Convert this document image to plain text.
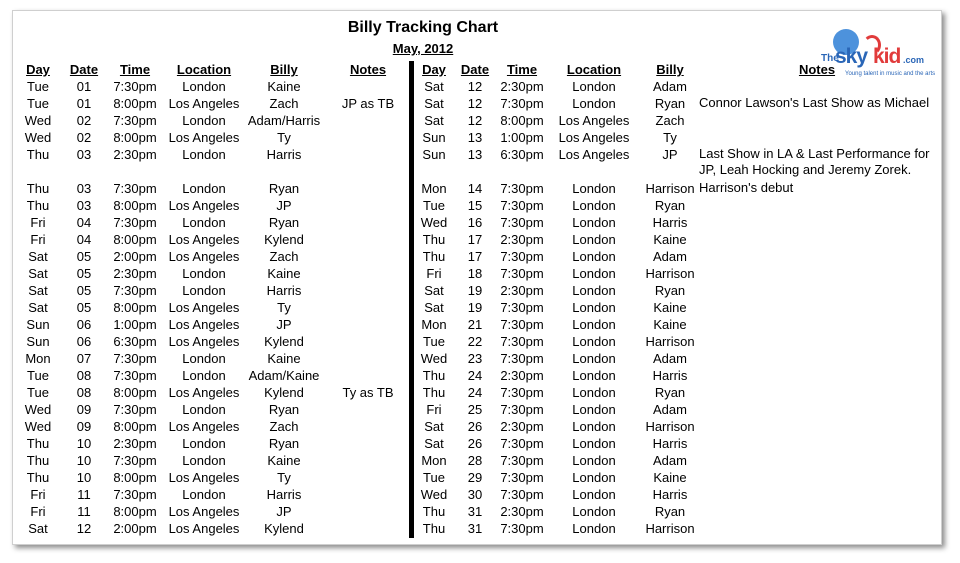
Billy Tracking Chart
May, 2012
The
sky kid .com
Young talent in music and the arts
Day	Date	Time	Location	Billy	Notes
Tue	01	7:30pm	London	Kaine	
Tue	01	8:00pm	Los Angeles	Zach	JP as TB
Wed	02	7:30pm	London	Adam/Harris	
Wed	02	8:00pm	Los Angeles	Ty	
Thu	03	2:30pm	London	Harris	
Thu	03	7:30pm	London	Ryan	
Thu	03	8:00pm	Los Angeles	JP	
Fri	04	7:30pm	London	Ryan	
Fri	04	8:00pm	Los Angeles	Kylend	
Sat	05	2:00pm	Los Angeles	Zach	
Sat	05	2:30pm	London	Kaine	
Sat	05	7:30pm	London	Harris	
Sat	05	8:00pm	Los Angeles	Ty	
Sun	06	1:00pm	Los Angeles	JP	
Sun	06	6:30pm	Los Angeles	Kylend	
Mon	07	7:30pm	London	Kaine	
Tue	08	7:30pm	London	Adam/Kaine	
Tue	08	8:00pm	Los Angeles	Kylend	Ty as TB
Wed	09	7:30pm	London	Ryan	
Wed	09	8:00pm	Los Angeles	Zach	
Thu	10	2:30pm	London	Ryan	
Thu	10	7:30pm	London	Kaine	
Thu	10	8:00pm	Los Angeles	Ty	
Fri	11	7:30pm	London	Harris	
Fri	11	8:00pm	Los Angeles	JP	
Sat	12	2:00pm	Los Angeles	Kylend	
Day	Date	Time	Location	Billy	Notes
Sat	12	2:30pm	London	Adam	
Sat	12	7:30pm	London	Ryan	Connor Lawson's Last Show as Michael
Sat	12	8:00pm	Los Angeles	Zach	
Sun	13	1:00pm	Los Angeles	Ty	
Sun	13	6:30pm	Los Angeles	JP	Last Show in LA & Last Performance for JP, Leah Hocking and Jeremy Zorek.
Mon	14	7:30pm	London	Harrison	Harrison's debut
Tue	15	7:30pm	London	Ryan	
Wed	16	7:30pm	London	Harris	
Thu	17	2:30pm	London	Kaine	
Thu	17	7:30pm	London	Adam	
Fri	18	7:30pm	London	Harrison	
Sat	19	2:30pm	London	Ryan	
Sat	19	7:30pm	London	Kaine	
Mon	21	7:30pm	London	Kaine	
Tue	22	7:30pm	London	Harrison	
Wed	23	7:30pm	London	Adam	
Thu	24	2:30pm	London	Harris	
Thu	24	7:30pm	London	Ryan	
Fri	25	7:30pm	London	Adam	
Sat	26	2:30pm	London	Harrison	
Sat	26	7:30pm	London	Harris	
Mon	28	7:30pm	London	Adam	
Tue	29	7:30pm	London	Kaine	
Wed	30	7:30pm	London	Harris	
Thu	31	2:30pm	London	Ryan	
Thu	31	7:30pm	London	Harrison	
